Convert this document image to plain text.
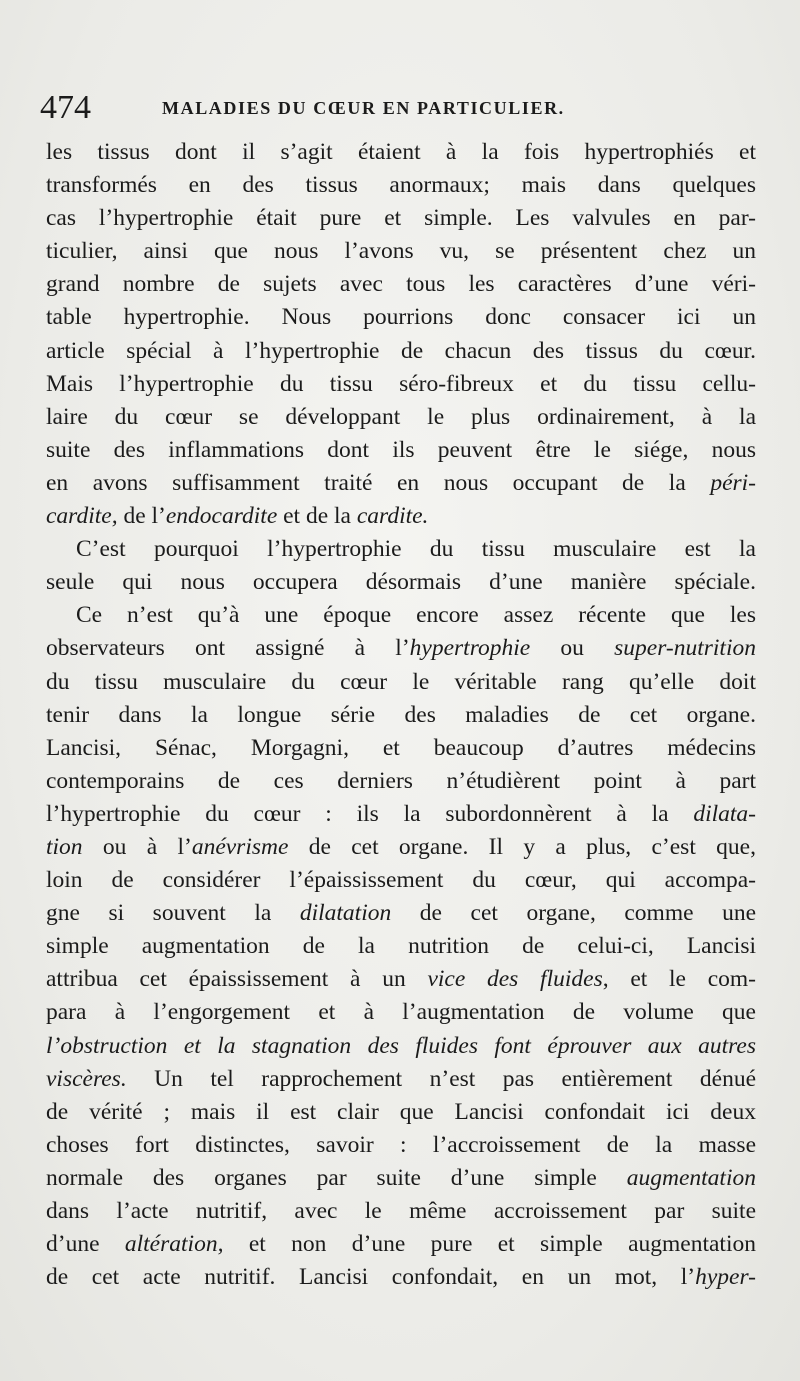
474	MALADIES DU CŒUR EN PARTICULIER.
les tissus dont il s’agit étaient à la fois hypertrophiés et
transformés en des tissus anormaux; mais dans quelques
cas l’hypertrophie était pure et simple. Les valvules en par-
ticulier, ainsi que nous l’avons vu, se présentent chez un
grand nombre de sujets avec tous les caractères d’une véri-
table hypertrophie. Nous pourrions donc consacer ici un
article spécial à l’hypertrophie de chacun des tissus du cœur.
Mais l’hypertrophie du tissu séro-fibreux et du tissu cellu-
laire du cœur se développant le plus ordinairement, à la
suite des inflammations dont ils peuvent être le siége, nous
en avons suffisamment traité en nous occupant de la péri-
cardite, de l’endocardite et de la cardite.
C’est pourquoi l’hypertrophie du tissu musculaire est la
seule qui nous occupera désormais d’une manière spéciale.
Ce n’est qu’à une époque encore assez récente que les
observateurs ont assigné à l’hypertrophie ou super-nutrition
du tissu musculaire du cœur le véritable rang qu’elle doit
tenir dans la longue série des maladies de cet organe.
Lancisi, Sénac, Morgagni, et beaucoup d’autres médecins
contemporains de ces derniers n’étudièrent point à part
l’hypertrophie du cœur : ils la subordonnèrent à la dilata-
tion ou à l’anévrisme de cet organe. Il y a plus, c’est que,
loin de considérer l’épaississement du cœur, qui accompa-
gne si souvent la dilatation de cet organe, comme une
simple augmentation de la nutrition de celui-ci, Lancisi
attribua cet épaississement à un vice des fluides, et le com-
para à l’engorgement et à l’augmentation de volume que
l’obstruction et la stagnation des fluides font éprouver aux autres
viscères. Un tel rapprochement n’est pas entièrement dénué
de vérité ; mais il est clair que Lancisi confondait ici deux
choses fort distinctes, savoir : l’accroissement de la masse
normale des organes par suite d’une simple augmentation
dans l’acte nutritif, avec le même accroissement par suite
d’une altération, et non d’une pure et simple augmentation
de cet acte nutritif. Lancisi confondait, en un mot, l’hyper-
